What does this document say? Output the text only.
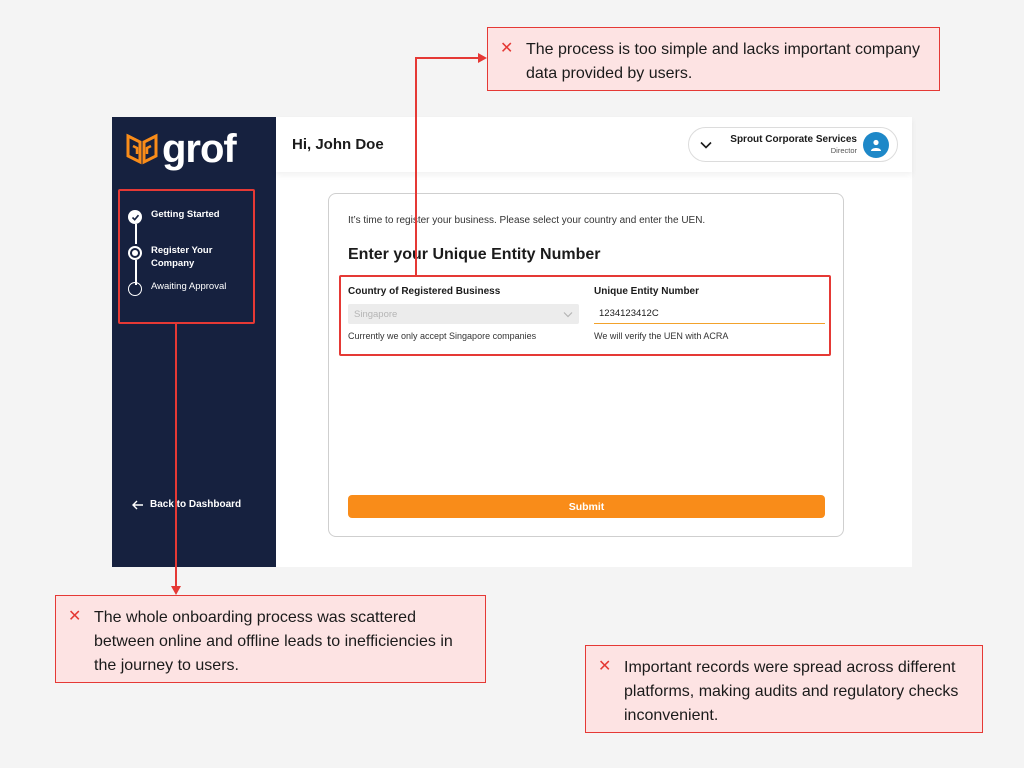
grof
Getting Started
Register Your Company
Awaiting Approval
Back to Dashboard
Hi, John Doe	Sprout Corporate Services
Director
It’s time to register your business. Please select your country and enter the UEN.
Enter your Unique Entity Number
Country of Registered Business
Singapore
Currently we only accept Singapore companies
Unique Entity Number
1234123412C
We will verify the UEN with ACRA
Submit
✕ The process is too simple and lacks important company data provided by users.
✕ The whole onboarding process was scattered between online and offline leads to inefficiencies in the journey to users.	✕ Important records were spread across different platforms, making audits and regulatory checks inconvenient.
